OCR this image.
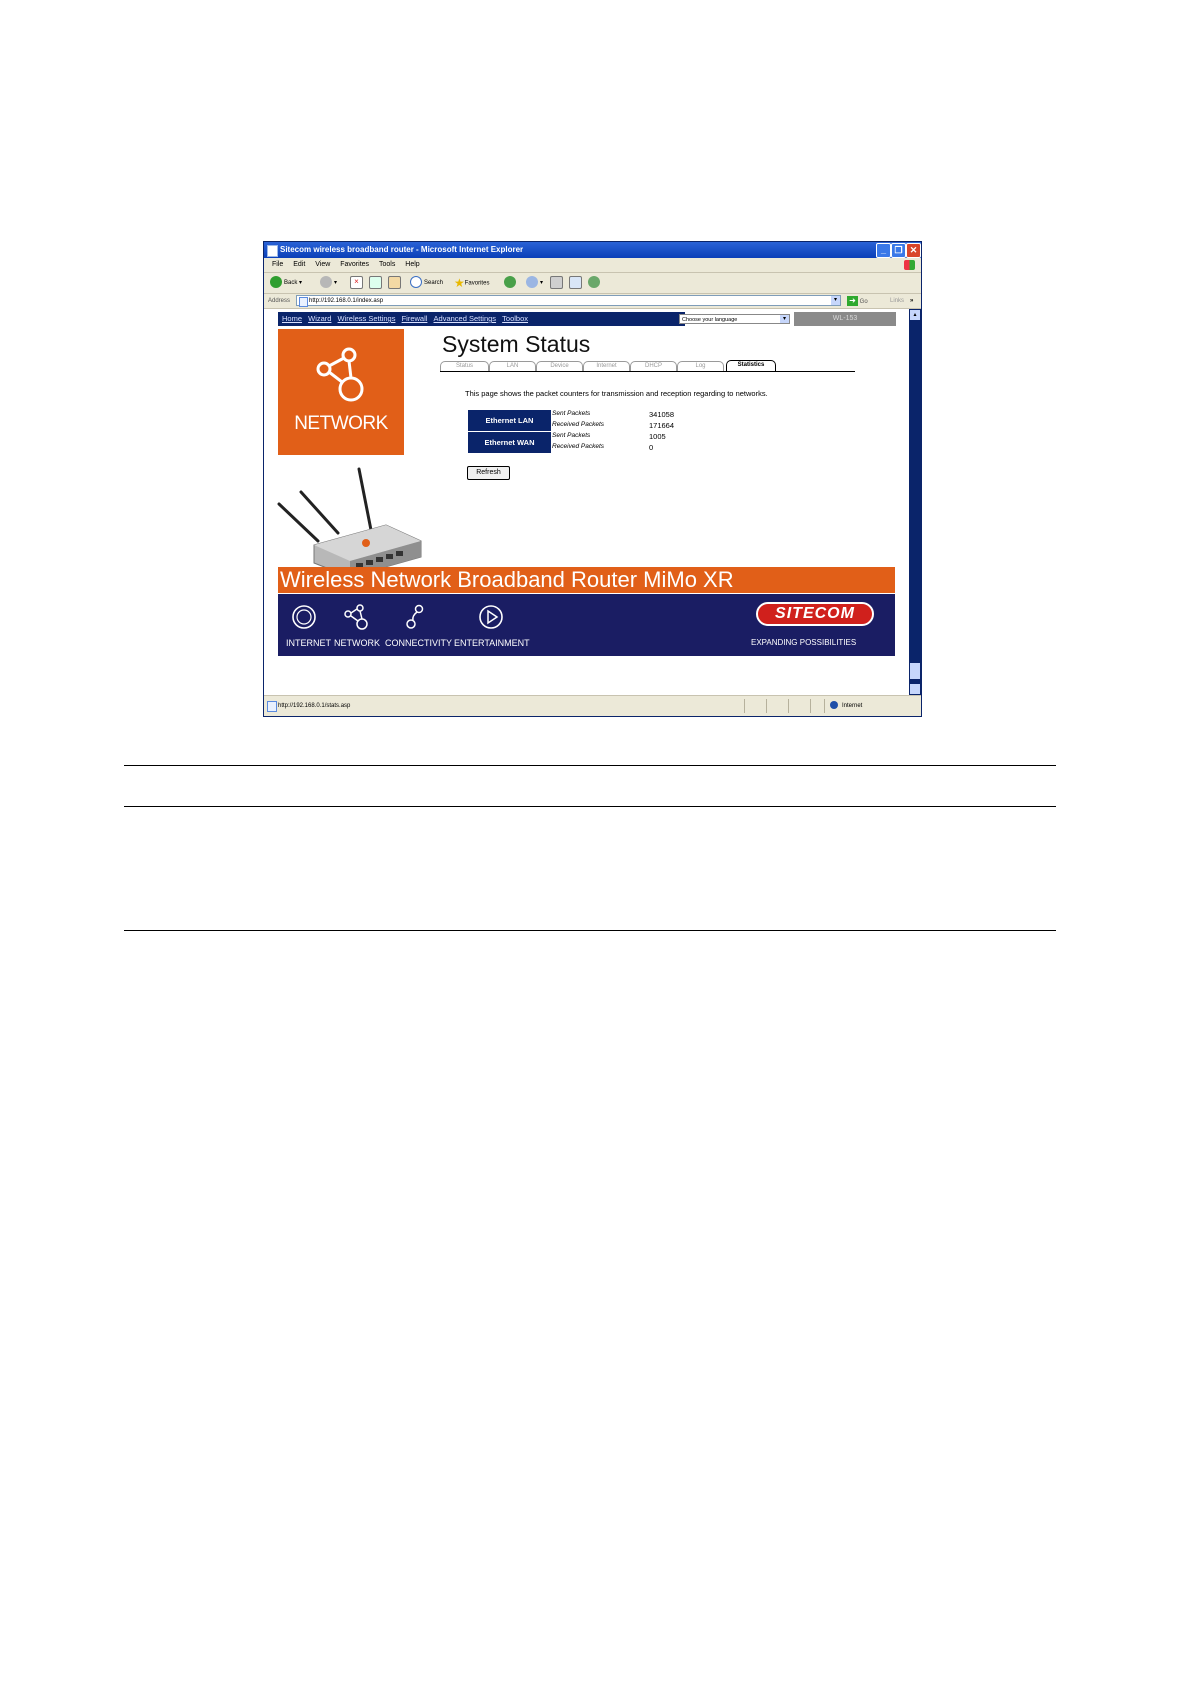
Sitecom wireless broadband router - Microsoft Internet Explorer	_ ❐ ✕
File Edit View Favorites Tools Help
Back ▾	▾	×	Search ★Favorites	▾
Address	http://192.168.0.1/index.asp	▾	➜ Go	Links »
Home Wizard Wireless Settings Firewall Advanced Settings Toolbox	Choose your language	▾	WL-153
NETWORK
System Status
Status	LAN	Device	Internet	DHCP	Log	Statistics
This page shows the packet counters for transmission and reception regarding to networks.
Ethernet LAN
Sent Packets	341058
Received Packets	171664
Ethernet WAN
Sent Packets	1005
Received Packets	0
Refresh
Wireless Network Broadband Router MiMo XR
INTERNET NETWORK CONNECTIVITY ENTERTAINMENT
SITECOM
EXPANDING POSSIBILITIES
▴
http://192.168.0.1/stats.asp	Internet
